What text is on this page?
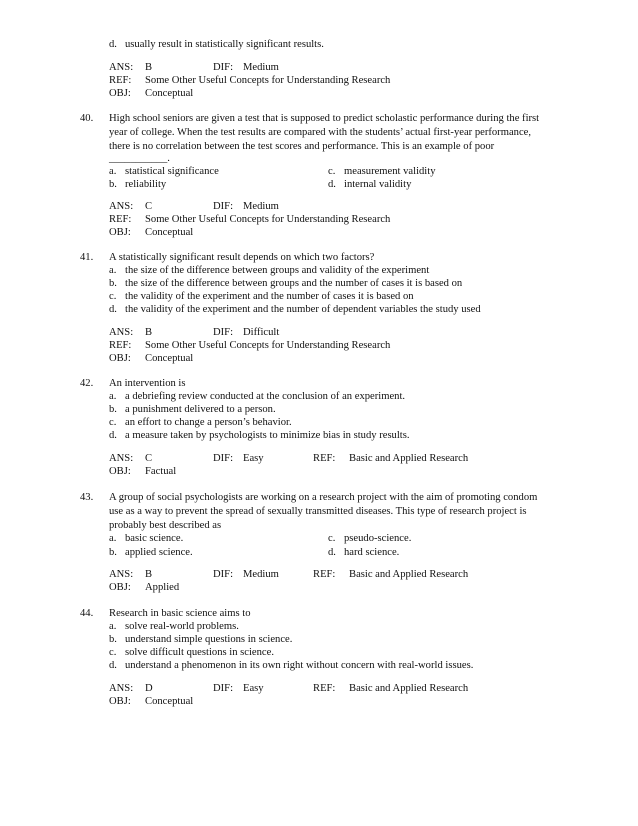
d. usually result in statistically significant results.
ANS: B	DIF: Medium
REF: Some Other Useful Concepts for Understanding Research
OBJ: Conceptual
40. High school seniors are given a test that is supposed to predict scholastic performance during the first
year of college. When the test results are compared with the students’ actual first-year performance,
there is no correlation between the test scores and performance. This is an example of poor
___________.
a. statistical significance	c. measurement validity
b. reliability	d. internal validity
ANS: C	DIF: Medium
REF: Some Other Useful Concepts for Understanding Research
OBJ: Conceptual
41. A statistically significant result depends on which two factors?
a. the size of the difference between groups and validity of the experiment
b. the size of the difference between groups and the number of cases it is based on
c. the validity of the experiment and the number of cases it is based on
d. the validity of the experiment and the number of dependent variables the study used
ANS: B	DIF: Difficult
REF: Some Other Useful Concepts for Understanding Research
OBJ: Conceptual
42. An intervention is
a. a debriefing review conducted at the conclusion of an experiment.
b. a punishment delivered to a person.
c. an effort to change a person’s behavior.
d. a measure taken by psychologists to minimize bias in study results.
ANS: C	DIF: Easy	REF: Basic and Applied Research
OBJ: Factual
43. A group of social psychologists are working on a research project with the aim of promoting condom
use as a way to prevent the spread of sexually transmitted diseases. This type of research project is
probably best described as
a. basic science.	c. pseudo-science.
b. applied science.	d. hard science.
ANS: B	DIF: Medium	REF: Basic and Applied Research
OBJ: Applied
44. Research in basic science aims to
a. solve real-world problems.
b. understand simple questions in science.
c. solve difficult questions in science.
d. understand a phenomenon in its own right without concern with real-world issues.
ANS: D	DIF: Easy	REF: Basic and Applied Research
OBJ: Conceptual
